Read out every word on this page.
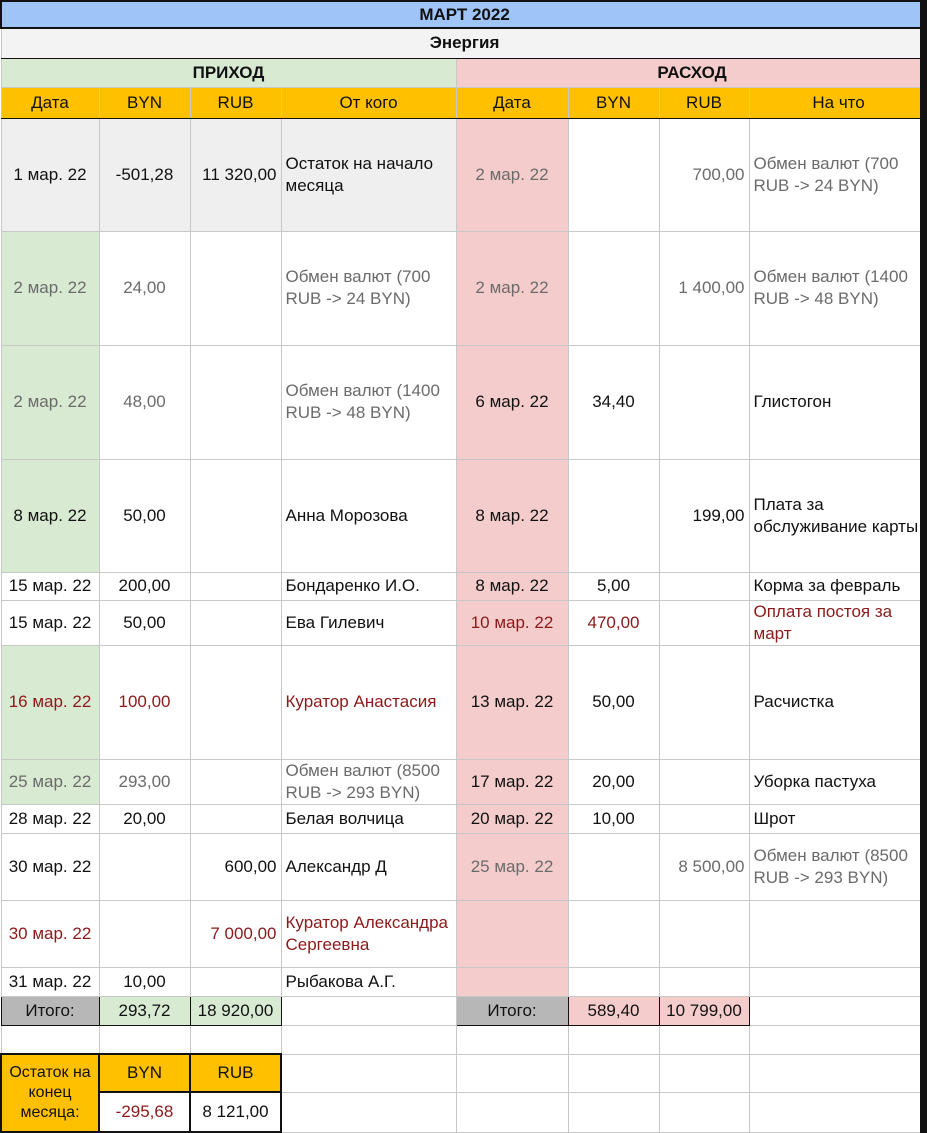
МАРТ 2022							
Энергия							
ПРИХОД				РАСХОД			
Дата	BYN	RUB	От кого	Дата	BYN	RUB	На что
1 мар. 22	-501,28	11 320,00	Остаток на начало месяца	2 мар. 22		700,00	Обмен валют (700 RUB -> 24 BYN)
2 мар. 22	24,00		Обмен валют (700 RUB -> 24 BYN)	2 мар. 22		1 400,00	Обмен валют (1400 RUB -> 48 BYN)
2 мар. 22	48,00		Обмен валют (1400 RUB -> 48 BYN)	6 мар. 22	34,40		Глистогон
8 мар. 22	50,00		Анна Морозова	8 мар. 22		199,00	Плата за обслуживание карты
15 мар. 22	200,00		Бондаренко И.О.	8 мар. 22	5,00		Корма за февраль
15 мар. 22	50,00		Ева Гилевич	10 мар. 22	470,00		Оплата постоя за март
16 мар. 22	100,00		Куратор Анастасия	13 мар. 22	50,00		Расчистка
25 мар. 22	293,00		Обмен валют (8500 RUB -> 293 BYN)	17 мар. 22	20,00		Уборка пастуха
28 мар. 22	20,00		Белая волчица	20 мар. 22	10,00		Шрот
30 мар. 22		600,00	Александр Д	25 мар. 22		8 500,00	Обмен валют (8500 RUB -> 293 BYN)
30 мар. 22		7 000,00	Куратор Александра Сергеевна				
31 мар. 22	10,00		Рыбакова А.Г.				
Итого:	293,72	18 920,00		Итого:	589,40	10 799,00	

Остаток на конец месяца:	BYN	RUB					
	-295,68	8 121,00					
